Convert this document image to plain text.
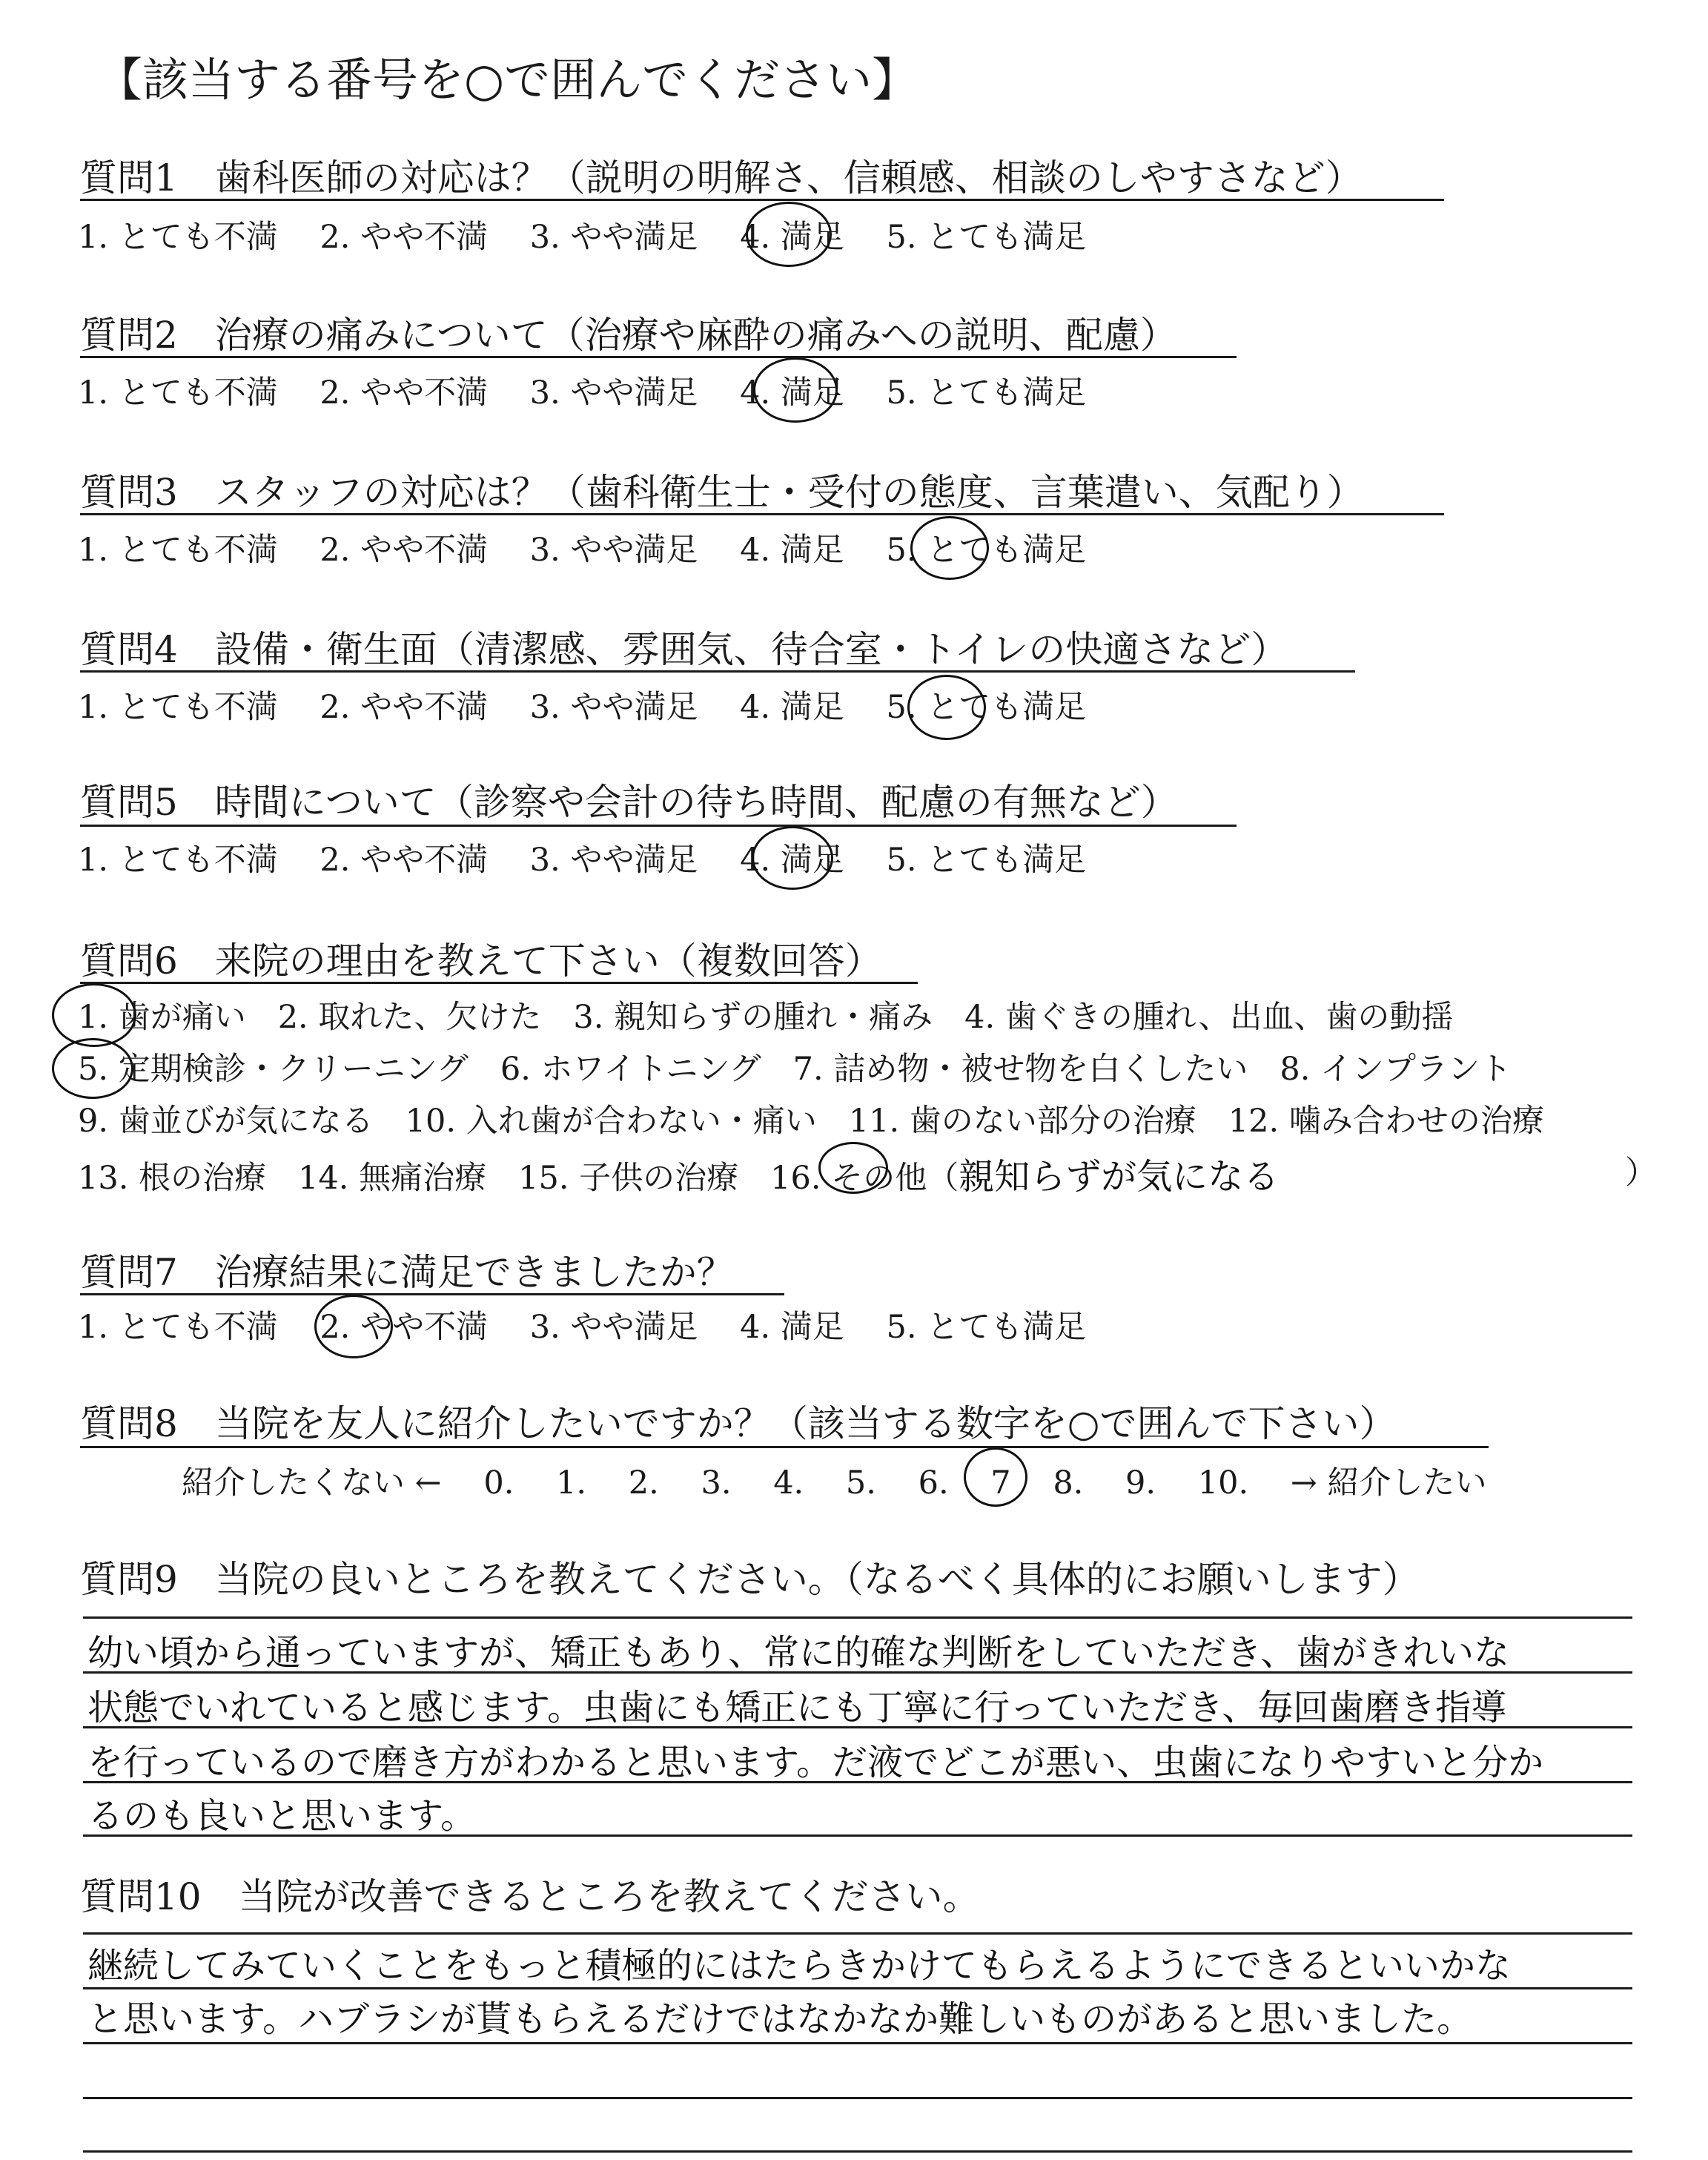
【該当する番号を○で囲んでください】
質問1　歯科医師の対応は？（説明の明解さ、信頼感、相談のしやすさなど）
1. とても不満　 2. やや不満　 3. やや満足　 4. 満足　 5. とても満足
質問2　治療の痛みについて（治療や麻酔の痛みへの説明、配慮）
1. とても不満　 2. やや不満　 3. やや満足　 4. 満足　 5. とても満足
質問3　スタッフの対応は？（歯科衛生士・受付の態度、言葉遣い、気配り）
1. とても不満　 2. やや不満　 3. やや満足　 4. 満足　 5. とても満足
質問4　設備・衛生面（清潔感、雰囲気、待合室・トイレの快適さなど）
1. とても不満　 2. やや不満　 3. やや満足　 4. 満足　 5. とても満足
質問5　時間について（診察や会計の待ち時間、配慮の有無など）
1. とても不満　 2. やや不満　 3. やや満足　 4. 満足　 5. とても満足
質問6　来院の理由を教えて下さい（複数回答）
1. 歯が痛い　2. 取れた、欠けた　3. 親知らずの腫れ・痛み　4. 歯ぐきの腫れ、出血、歯の動揺
5. 定期検診・クリーニング　6. ホワイトニング　7. 詰め物・被せ物を白くしたい　8. インプラント
9. 歯並びが気になる　10. 入れ歯が合わない・痛い　11. 歯のない部分の治療　12. 噛み合わせの治療
13. 根の治療　14. 無痛治療　15. 子供の治療　16. その他（親知らずが気になる	）
質問7　治療結果に満足できましたか？
1. とても不満　 2. やや不満　 3. やや満足　 4. 満足　 5. とても満足
質問8　当院を友人に紹介したいですか？（該当する数字を○で囲んで下さい）
紹介したくない ←　 0.　 1.　 2.　 3.　 4.　 5.　 6.　 7　 8.　 9.　 10.　 → 紹介したい
質問9　当院の良いところを教えてください。（なるべく具体的にお願いします）
幼い頃から通っていますが、矯正もあり、常に的確な判断をしていただき、歯がきれいな
状態でいれていると感じます。虫歯にも矯正にも丁寧に行っていただき、毎回歯磨き指導
を行っているので磨き方がわかると思います。だ液でどこが悪い、虫歯になりやすいと分か
るのも良いと思います。
質問10　当院が改善できるところを教えてください。
継続してみていくことをもっと積極的にはたらきかけてもらえるようにできるといいかな
と思います。ハブラシが貰もらえるだけではなかなか難しいものがあると思いました。
